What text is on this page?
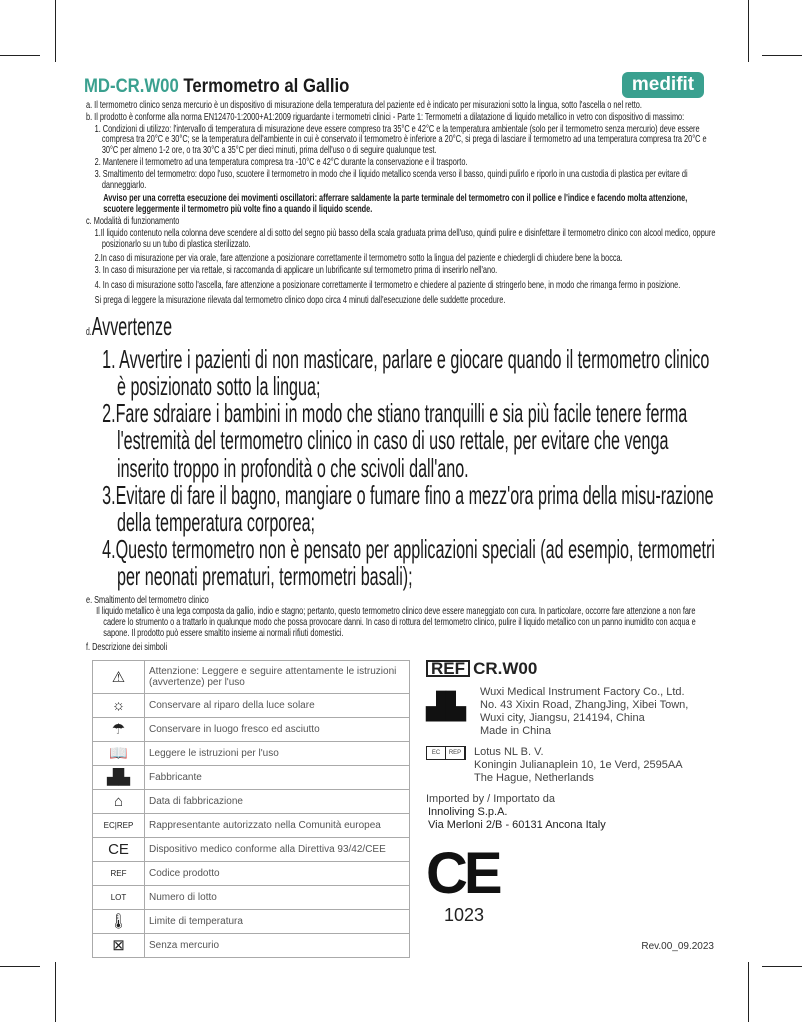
MD-CR.W00 Termometro al Gallio	medifit

a. Il termometro clinico senza mercurio è un dispositivo di misurazione della temperatura del paziente ed è indicato per misurazioni sotto la lingua, sotto l'ascella o nel retto.

b. Il prodotto è conforme alla norma EN12470-1:2000+A1:2009 riguardante i termometri clinici - Parte 1: Termometri a dilatazione di liquido metallico in vetro con dispositivo di massimo:

1. Condizioni di utilizzo: l'intervallo di temperatura di misurazione deve essere compreso tra 35°C e 42°C e la temperatura ambientale (solo per il termometro senza mercurio) deve essere compresa tra 20°C e 30°C; se la temperatura dell'ambiente in cui è conservato il termometro è inferiore a 20°C, si prega di lasciare il termometro ad una temperatura compresa tra 20°C e 30°C per almeno 1-2 ore, o tra 30°C a 35°C per dieci minuti, prima dell'uso o di seguire qualunque test.

2. Mantenere il termometro ad una temperatura compresa tra -10°C e 42°C durante la conservazione e il trasporto.

3. Smaltimento del termometro: dopo l'uso, scuotere il termometro in modo che il liquido metallico scenda verso il basso, quindi pulirlo e riporlo in una custodia di plastica per evitare di danneggiarlo.

Avviso per una corretta esecuzione dei movimenti oscillatori: afferrare saldamente la parte terminale del termometro con il pollice e l'indice e facendo molta attenzione, scuotere leggermente il termometro più volte fino a quando il liquido scende.

c. Modalità di funzionamento

1.Il liquido contenuto nella colonna deve scendere al di sotto del segno più basso della scala graduata prima dell'uso, quindi pulire e disinfettare il termometro clinico con alcool medico, oppure posizionarlo su un tubo di plastica sterilizzato.

2.In caso di misurazione per via orale, fare attenzione a posizionare correttamente il termometro sotto la lingua del paziente e chiedergli di chiudere bene la bocca.

3. In caso di misurazione per via rettale, si raccomanda di applicare un lubrificante sul termometro prima di inserirlo nell'ano.

4. In caso di misurazione sotto l'ascella, fare attenzione a posizionare correttamente il termometro e chiedere al paziente di stringerlo bene, in modo che rimanga fermo in posizione.

Si prega di leggere la misurazione rilevata dal termometro clinico dopo circa 4 minuti dall'esecuzione delle suddette procedure.

d.Avvertenze

1. Avvertire i pazienti di non masticare, parlare e giocare quando il termometro clinico è posizionato sotto la lingua;

2.Fare sdraiare i bambini in modo che stiano tranquilli e sia più facile tenere ferma l'estremità del termometro clinico in caso di uso rettale, per evitare che venga inserito troppo in profondità o che scivoli dall'ano.

3.Evitare di fare il bagno, mangiare o fumare fino a mezz'ora prima della misu-razione della temperatura corporea;

4.Questo termometro non è pensato per applicazioni speciali (ad esempio, termometri per neonati prematuri, termometri basali);

e. Smaltimento del termometro clinico

Il liquido metallico è una lega composta da gallio, indio e stagno; pertanto, questo termometro clinico deve essere maneggiato con cura. In particolare, occorre fare attenzione a non fare cadere lo strumento o a trattarlo in qualunque modo che possa provocare danni. In caso di rottura del termometro clinico, pulire il liquido metallico con un panno inumidito con acqua e sapone. Il prodotto può essere smaltito insieme ai normali rifiuti domestici.

f. Descrizione dei simboli

⚠	Attenzione: Leggere e seguire attentamente le istruzioni (avvertenze) per l'uso
☼	Conservare al riparo della luce solare
☂	Conservare in luogo fresco ed asciutto
📖	Leggere le istruzioni per l'uso
▟▙	Fabbricante
⌂	Data di fabbricazione
EC|REP	Rappresentante autorizzato nella Comunità europea
CE	Dispositivo medico conforme alla Direttiva 93/42/CEE
REF	Codice prodotto
LOT	Numero di lotto
🌡	Limite di temperatura
⊠	Senza mercurio
REF CR.W00
▟▙ Wuxi Medical Instrument Factory Co., Ltd.
No. 43 Xixin Road, ZhangJing, Xibei Town,
Wuxi city, Jiangsu, 214194, China
Made in China
EC	REP	Lotus NL B. V.
Koningin Julianaplein 10, 1e Verd, 2595AA
The Hague, Netherlands
Imported by / Importato da
Innoliving S.p.A.
Via Merloni 2/B - 60131 Ancona Italy
CE
1023
Rev.00_09.2023
